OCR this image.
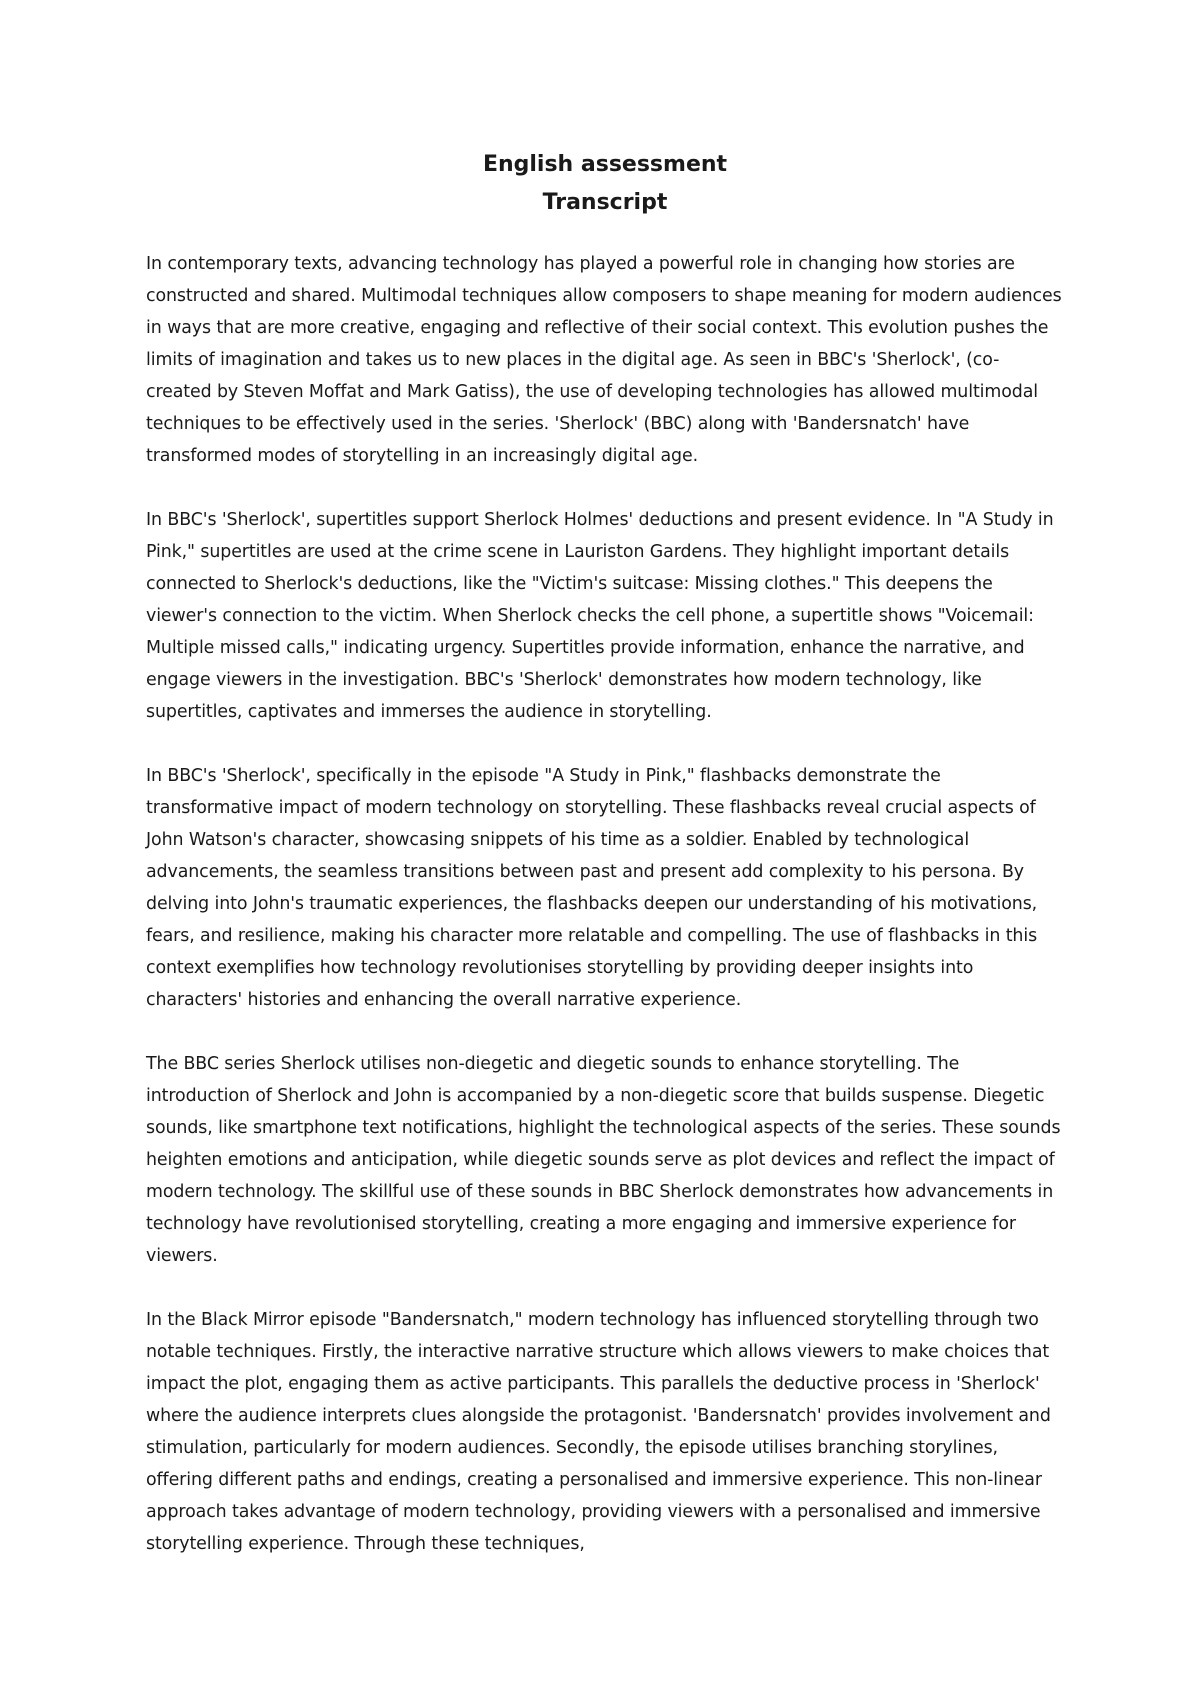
English assessment

Transcript

In contemporary texts, advancing technology has played a powerful role in changing how stories are constructed and shared. Multimodal techniques allow composers to shape meaning for modern audiences in ways that are more creative, engaging and reflective of their social context. This evolution pushes the limits of imagination and takes us to new places in the digital age. As seen in BBC's 'Sherlock', (co-created by Steven Moffat and Mark Gatiss), the use of developing technologies has allowed multimodal techniques to be effectively used in the series. 'Sherlock' (BBC) along with 'Bandersnatch' have transformed modes of storytelling in an increasingly digital age.

In BBC's 'Sherlock', supertitles support Sherlock Holmes' deductions and present evidence. In "A Study in Pink," supertitles are used at the crime scene in Lauriston Gardens. They highlight important details connected to Sherlock's deductions, like the "Victim's suitcase: Missing clothes." This deepens the viewer's connection to the victim. When Sherlock checks the cell phone, a supertitle shows "Voicemail: Multiple missed calls," indicating urgency. Supertitles provide information, enhance the narrative, and engage viewers in the investigation. BBC's 'Sherlock' demonstrates how modern technology, like supertitles, captivates and immerses the audience in storytelling.

In BBC's 'Sherlock', specifically in the episode "A Study in Pink," flashbacks demonstrate the transformative impact of modern technology on storytelling. These flashbacks reveal crucial aspects of John Watson's character, showcasing snippets of his time as a soldier. Enabled by technological advancements, the seamless transitions between past and present add complexity to his persona. By delving into John's traumatic experiences, the flashbacks deepen our understanding of his motivations, fears, and resilience, making his character more relatable and compelling. The use of flashbacks in this context exemplifies how technology revolutionises storytelling by providing deeper insights into characters' histories and enhancing the overall narrative experience.

The BBC series Sherlock utilises non-diegetic and diegetic sounds to enhance storytelling. The introduction of Sherlock and John is accompanied by a non-diegetic score that builds suspense. Diegetic sounds, like smartphone text notifications, highlight the technological aspects of the series. These sounds heighten emotions and anticipation, while diegetic sounds serve as plot devices and reflect the impact of modern technology. The skillful use of these sounds in BBC Sherlock demonstrates how advancements in technology have revolutionised storytelling, creating a more engaging and immersive experience for viewers.

In the Black Mirror episode "Bandersnatch," modern technology has influenced storytelling through two notable techniques. Firstly, the interactive narrative structure which allows viewers to make choices that impact the plot, engaging them as active participants. This parallels the deductive process in 'Sherlock' where the audience interprets clues alongside the protagonist. 'Bandersnatch' provides involvement and stimulation, particularly for modern audiences. Secondly, the episode utilises branching storylines, offering different paths and endings, creating a personalised and immersive experience. This non-linear approach takes advantage of modern technology, providing viewers with a personalised and immersive storytelling experience. Through these techniques,
